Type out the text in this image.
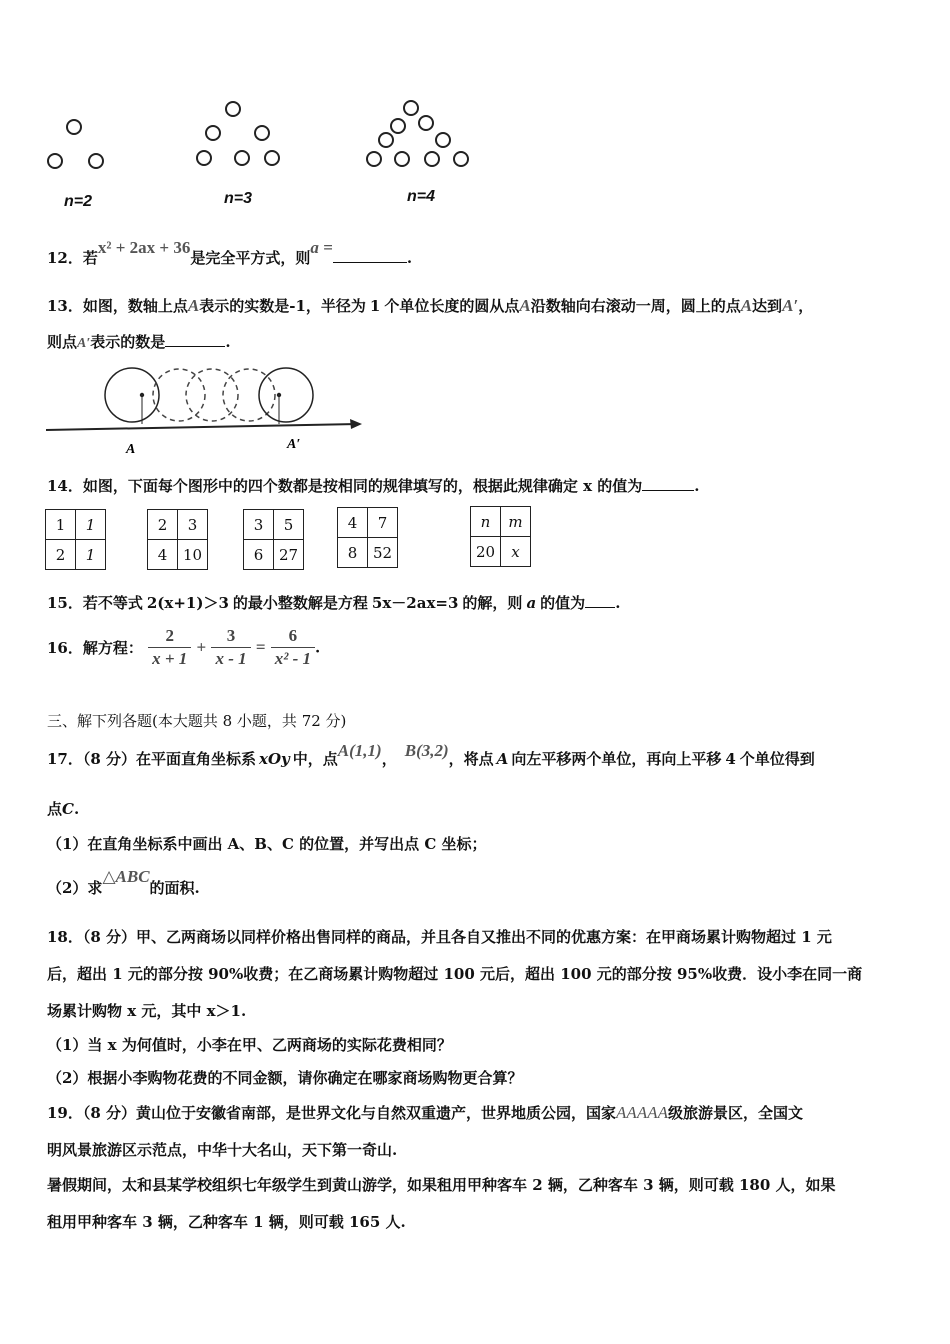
n=2	n=3	n=4
12．若x² + 2ax + 36是完全平方式，则a =.
13．如图，数轴上点A表示的实数是-1，半径为 1 个单位长度的圆从点A沿数轴向右滚动一周，圆上的点A达到A′，
则点A′表示的数是	.
A	A′
14．如图，下面每个图形中的四个数都是按相同的规律填写的，根据此规律确定 x 的值为	.
1	1
2	1
2	3
4	10
3	5
6	27
4	7
8	52
n	m
20	x
15．若不等式 2(x+1)＞3 的最小整数解是方程 5x－2ax=3 的解，则 a 的值为 .
16．解方程： $\frac{2}{x + 1} + \frac{3}{x - 1} = \frac{6}{\text{x² - 1}}$ .
三、解下列各题(本大题共 8 小题，共 72 分)
17．（8 分）在平面直角坐标系 xOy 中，点A(1,1)， B(3,2)，将点 A 向左平移两个单位，再向上平移 4 个单位得到
点C.
（1）在直角坐标系中画出 A、B、C 的位置，并写出点 C 坐标；
（2）求△ABC的面积.
18．（8 分）甲、乙两商场以同样价格出售同样的商品，并且各自又推出不同的优惠方案：在甲商场累计购物超过 1 元
后，超出 1 元的部分按 90%收费；在乙商场累计购物超过 100 元后，超出 100 元的部分按 95%收费．设小李在同一商
场累计购物 x 元，其中 x＞1.
（1）当 x 为何值时，小李在甲、乙两商场的实际花费相同？
（2）根据小李购物花费的不同金额，请你确定在哪家商场购物更合算？
19．（8 分）黄山位于安徽省南部，是世界文化与自然双重遗产，世界地质公园，国家AAAAA级旅游景区，全国文
明风景旅游区示范点，中华十大名山，天下第一奇山.
暑假期间，太和县某学校组织七年级学生到黄山游学，如果租用甲种客车 2 辆，乙种客车 3 辆，则可载 180 人，如果
租用甲种客车 3 辆，乙种客车 1 辆，则可载 165 人.
